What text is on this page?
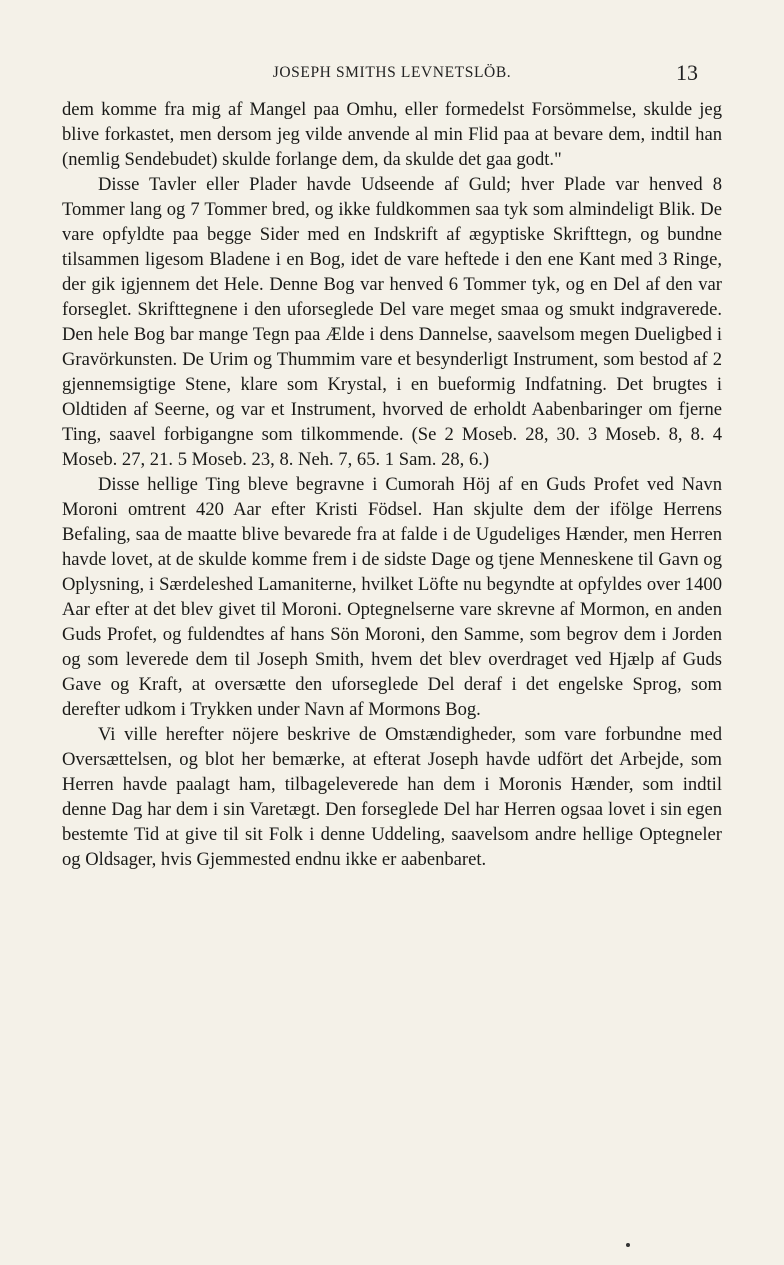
JOSEPH SMITHS LEVNETSLÖB.	13

dem komme fra mig af Mangel paa Omhu, eller formedelst Forsömmelse, skulde jeg blive forkastet, men dersom jeg vilde anvende al min Flid paa at bevare dem, indtil han (nemlig Sendebudet) skulde forlange dem, da skulde det gaa godt."

Disse Tavler eller Plader havde Udseende af Guld; hver Plade var henved 8 Tommer lang og 7 Tommer bred, og ikke fuldkommen saa tyk som almindeligt Blik. De vare opfyldte paa begge Sider med en Indskrift af ægyptiske Skrifttegn, og bundne tilsammen ligesom Bladene i en Bog, idet de vare heftede i den ene Kant med 3 Ringe, der gik igjennem det Hele. Denne Bog var henved 6 Tommer tyk, og en Del af den var forseglet. Skrifttegnene i den uforseglede Del vare meget smaa og smukt indgraverede. Den hele Bog bar mange Tegn paa Ælde i dens Dannelse, saavelsom megen Dueligbed i Gravörkunsten. De Urim og Thummim vare et besynderligt Instrument, som bestod af 2 gjennemsigtige Stene, klare som Krystal, i en bueformig Indfatning. Det brugtes i Oldtiden af Seerne, og var et Instrument, hvorved de erholdt Aabenbaringer om fjerne Ting, saavel forbigangne som tilkommende. (Se 2 Moseb. 28, 30. 3 Moseb. 8, 8. 4 Moseb. 27, 21. 5 Moseb. 23, 8. Neh. 7, 65. 1 Sam. 28, 6.)

Disse hellige Ting bleve begravne i Cumorah Höj af en Guds Profet ved Navn Moroni omtrent 420 Aar efter Kristi Födsel. Han skjulte dem der ifölge Herrens Befaling, saa de maatte blive bevarede fra at falde i de Ugudeliges Hænder, men Herren havde lovet, at de skulde komme frem i de sidste Dage og tjene Menneskene til Gavn og Oplysning, i Særdeleshed Lamaniterne, hvilket Löfte nu begyndte at opfyldes over 1400 Aar efter at det blev givet til Moroni. Optegnelserne vare skrevne af Mormon, en anden Guds Profet, og fuldendtes af hans Sön Moroni, den Samme, som begrov dem i Jorden og som leverede dem til Joseph Smith, hvem det blev overdraget ved Hjælp af Guds Gave og Kraft, at oversætte den uforseglede Del deraf i det engelske Sprog, som derefter udkom i Trykken under Navn af Mormons Bog.

Vi ville herefter nöjere beskrive de Omstændigheder, som vare forbundne med Oversættelsen, og blot her bemærke, at efterat Joseph havde udfört det Arbejde, som Herren havde paalagt ham, tilbageleverede han dem i Moronis Hænder, som indtil denne Dag har dem i sin Varetægt. Den forseglede Del har Herren ogsaa lovet i sin egen bestemte Tid at give til sit Folk i denne Uddeling, saavelsom andre hellige Optegneler og Oldsager, hvis Gjemmested endnu ikke er aabenbaret.
